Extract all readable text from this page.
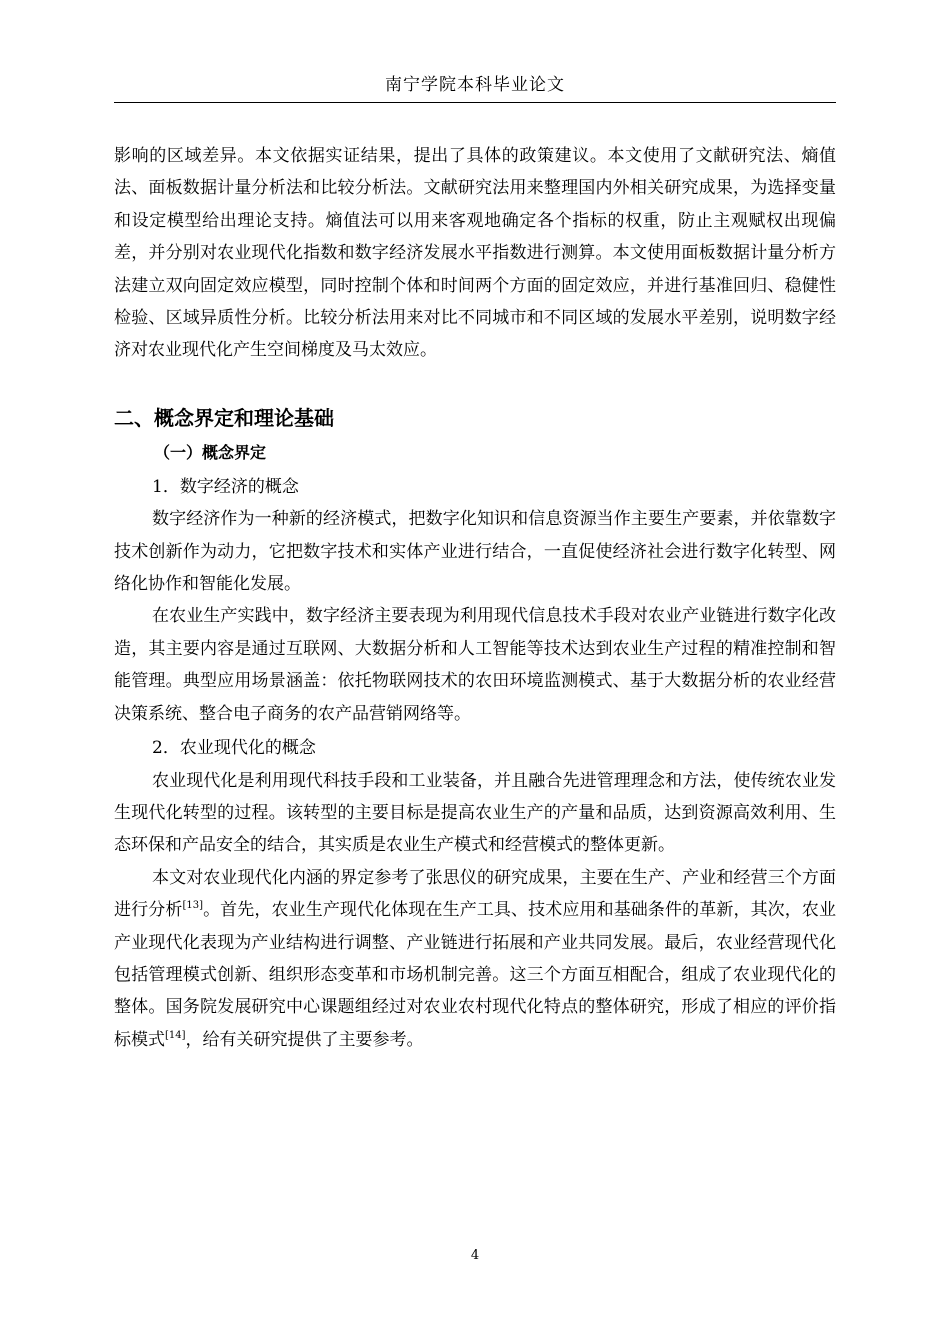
南宁学院本科毕业论文

影响的区域差异。本文依据实证结果，提出了具体的政策建议。本文使用了文献研究法、熵值法、面板数据计量分析法和比较分析法。文献研究法用来整理国内外相关研究成果，为选择变量和设定模型给出理论支持。熵值法可以用来客观地确定各个指标的权重，防止主观赋权出现偏差，并分别对农业现代化指数和数字经济发展水平指数进行测算。本文使用面板数据计量分析方法建立双向固定效应模型，同时控制个体和时间两个方面的固定效应，并进行基准回归、稳健性检验、区域异质性分析。比较分析法用来对比不同城市和不同区域的发展水平差别，说明数字经济对农业现代化产生空间梯度及马太效应。

二、概念界定和理论基础
（一）概念界定

1．数字经济的概念

数字经济作为一种新的经济模式，把数字化知识和信息资源当作主要生产要素，并依靠数字技术创新作为动力，它把数字技术和实体产业进行结合，一直促使经济社会进行数字化转型、网络化协作和智能化发展。

在农业生产实践中，数字经济主要表现为利用现代信息技术手段对农业产业链进行数字化改造，其主要内容是通过互联网、大数据分析和人工智能等技术达到农业生产过程的精准控制和智能管理。典型应用场景涵盖：依托物联网技术的农田环境监测模式、基于大数据分析的农业经营决策系统、整合电子商务的农产品营销网络等。

2．农业现代化的概念

农业现代化是利用现代科技手段和工业装备，并且融合先进管理理念和方法，使传统农业发生现代化转型的过程。该转型的主要目标是提高农业生产的产量和品质，达到资源高效利用、生态环保和产品安全的结合，其实质是农业生产模式和经营模式的整体更新。

本文对农业现代化内涵的界定参考了张思仪的研究成果，主要在生产、产业和经营三个方面进行分析[13]。首先，农业生产现代化体现在生产工具、技术应用和基础条件的革新，其次，农业产业现代化表现为产业结构进行调整、产业链进行拓展和产业共同发展。最后，农业经营现代化包括管理模式创新、组织形态变革和市场机制完善。这三个方面互相配合，组成了农业现代化的整体。国务院发展研究中心课题组经过对农业农村现代化特点的整体研究，形成了相应的评价指标模式[14]，给有关研究提供了主要参考。

4
